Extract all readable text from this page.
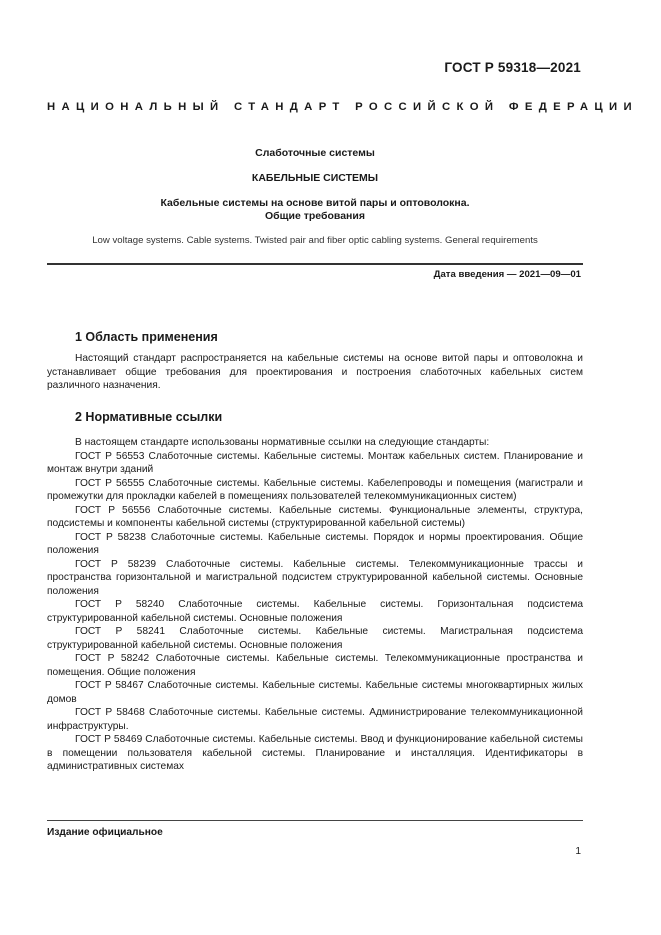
ГОСТ Р 59318—2021
НАЦИОНАЛЬНЫЙ СТАНДАРТ РОССИЙСКОЙ ФЕДЕРАЦИИ
Слаботочные системы
КАБЕЛЬНЫЕ СИСТЕМЫ
Кабельные системы на основе витой пары и оптоволокна.
Общие требования
Low voltage systems. Cable systems. Twisted pair and fiber optic cabling systems. General requirements
Дата введения — 2021—09—01
1 Область применения
Настоящий стандарт распространяется на кабельные системы на основе витой пары и оптоволокна и устанавливает общие требования для проектирования и построения слаботочных кабельных систем различного назначения.
2 Нормативные ссылки

В настоящем стандарте использованы нормативные ссылки на следующие стандарты:

ГОСТ Р 56553 Слаботочные системы. Кабельные системы. Монтаж кабельных систем. Планирование и монтаж внутри зданий

ГОСТ Р 56555 Слаботочные системы. Кабельные системы. Кабелепроводы и помещения (магистрали и промежутки для прокладки кабелей в помещениях пользователей телекоммуникационных систем)

ГОСТ Р 56556 Слаботочные системы. Кабельные системы. Функциональные элементы, структура, подсистемы и компоненты кабельной системы (структурированной кабельной системы)

ГОСТ Р 58238 Слаботочные системы. Кабельные системы. Порядок и нормы проектирования. Общие положения

ГОСТ Р 58239 Слаботочные системы. Кабельные системы. Телекоммуникационные трассы и пространства горизонтальной и магистральной подсистем структурированной кабельной системы. Основные положения

ГОСТ Р 58240 Слаботочные системы. Кабельные системы. Горизонтальная подсистема структурированной кабельной системы. Основные положения

ГОСТ Р 58241 Слаботочные системы. Кабельные системы. Магистральная подсистема структурированной кабельной системы. Основные положения

ГОСТ Р 58242 Слаботочные системы. Кабельные системы. Телекоммуникационные пространства и помещения. Общие положения

ГОСТ Р 58467 Слаботочные системы. Кабельные системы. Кабельные системы многоквартирных жилых домов

ГОСТ Р 58468 Слаботочные системы. Кабельные системы. Администрирование телекоммуникационной инфраструктуры.

ГОСТ Р 58469 Слаботочные системы. Кабельные системы. Ввод и функционирование кабельной системы в помещении пользователя кабельной системы. Планирование и инсталляция. Идентификаторы в административных системах

Издание официальное
1
